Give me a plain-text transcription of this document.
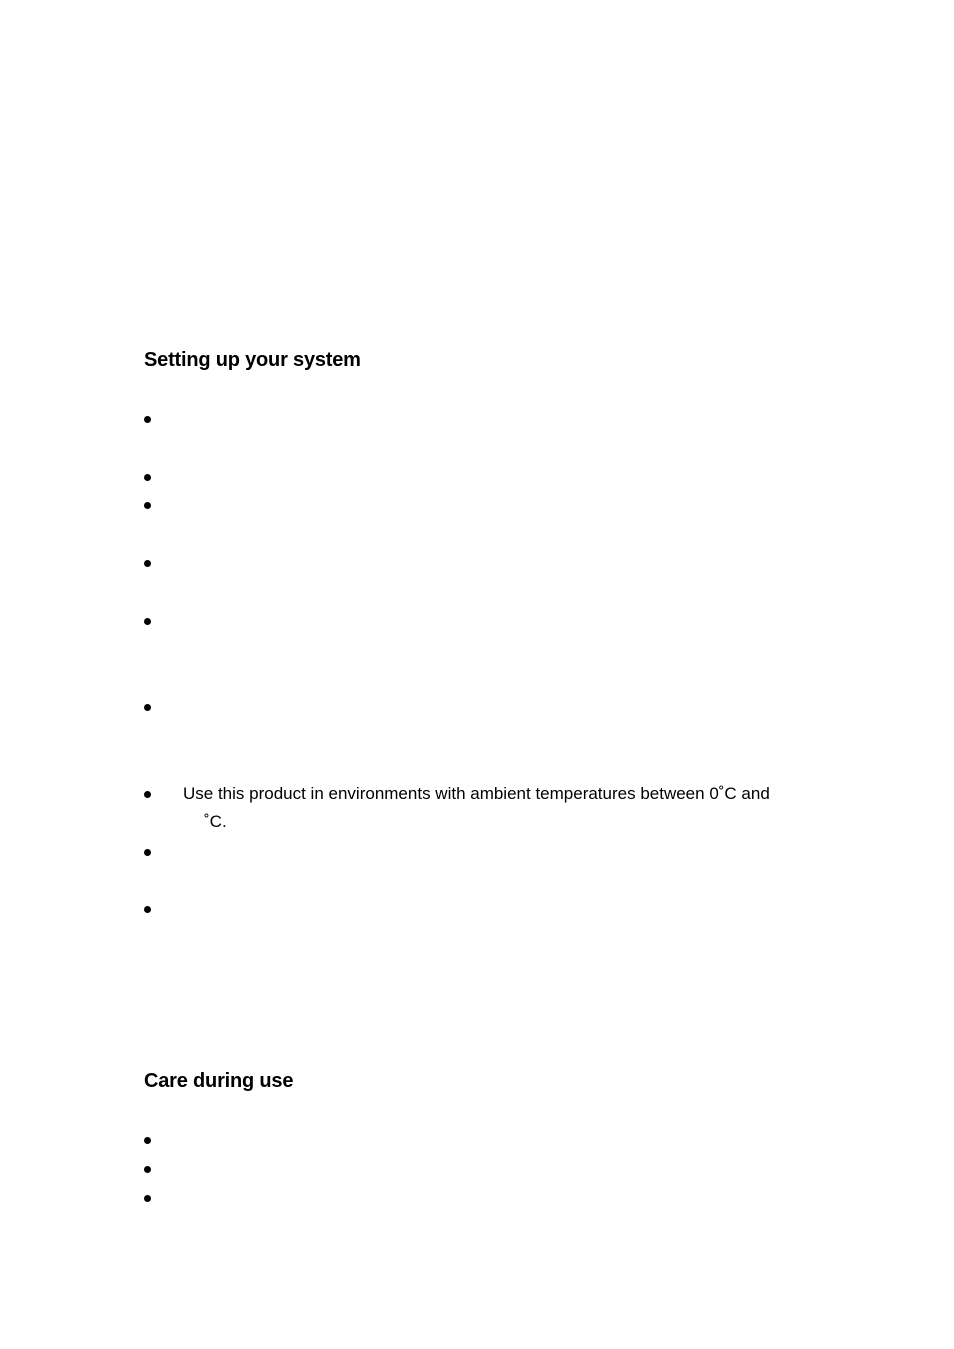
Setting up your system
Use this product in environments with ambient temperatures between 0˚C and
˚C.
Care during use
